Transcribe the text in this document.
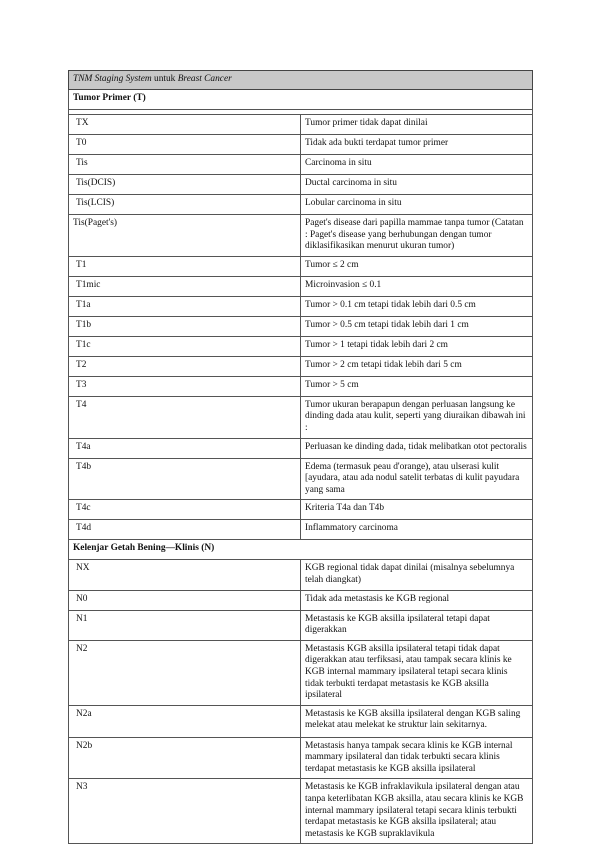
TNM Staging System untuk Breast Cancer	
Tumor Primer (T)	

TX	Tumor primer tidak dapat dinilai
T0	Tidak ada bukti terdapat tumor primer
Tis	Carcinoma in situ
Tis(DCIS)	Ductal carcinoma in situ
Tis(LCIS)	Lobular carcinoma in situ
Tis(Paget's)	Paget's disease dari papilla mammae tanpa tumor (Catatan : Paget's disease yang berhubungan dengan tumor diklasifikasikan menurut ukuran tumor)
T1	Tumor ≤ 2 cm
T1mic	Microinvasion ≤ 0.1
T1a	Tumor > 0.1 cm tetapi tidak lebih dari 0.5 cm
T1b	Tumor > 0.5 cm tetapi tidak lebih dari 1 cm
T1c	Tumor > 1 tetapi tidak lebih dari 2 cm
T2	Tumor > 2 cm tetapi tidak lebih dari 5 cm
T3	Tumor > 5 cm
T4	Tumor ukuran berapapun dengan perluasan langsung ke dinding dada atau kulit, seperti yang diuraikan dibawah ini :
T4a	Perluasan ke dinding dada, tidak melibatkan otot pectoralis
T4b	Edema (termasuk peau d'orange), atau ulserasi kulit [ayudara, atau ada nodul satelit terbatas di kulit payudara yang sama
T4c	Kriteria T4a dan T4b
T4d	Inflammatory carcinoma
Kelenjar Getah Bening—Klinis (N)	
NX	KGB regional tidak dapat dinilai (misalnya sebelumnya telah diangkat)
N0	Tidak ada metastasis ke KGB regional
N1	Metastasis ke KGB aksilla ipsilateral tetapi dapat digerakkan
N2	Metastasis KGB aksilla ipsilateral tetapi tidak dapat digerakkan atau terfiksasi, atau tampak secara klinis ke KGB internal mammary ipsilateral tetapi secara klinis tidak terbukti terdapat metastasis ke KGB aksilla ipsilateral
N2a	Metastasis ke KGB aksilla ipsilateral dengan KGB saling melekat atau melekat ke struktur lain sekitarnya.
N2b	Metastasis hanya tampak secara klinis ke KGB internal mammary ipsilateral dan tidak terbukti secara klinis terdapat metastasis ke KGB aksilla ipsilateral
N3	Metastasis ke KGB infraklavikula ipsilateral dengan atau tanpa keterlibatan KGB aksilla, atau secara klinis ke KGB internal mammary ipsilateral tetapi secara klinis terbukti terdapat metastasis ke KGB aksilla ipsilateral; atau metastasis ke KGB supraklavikula
